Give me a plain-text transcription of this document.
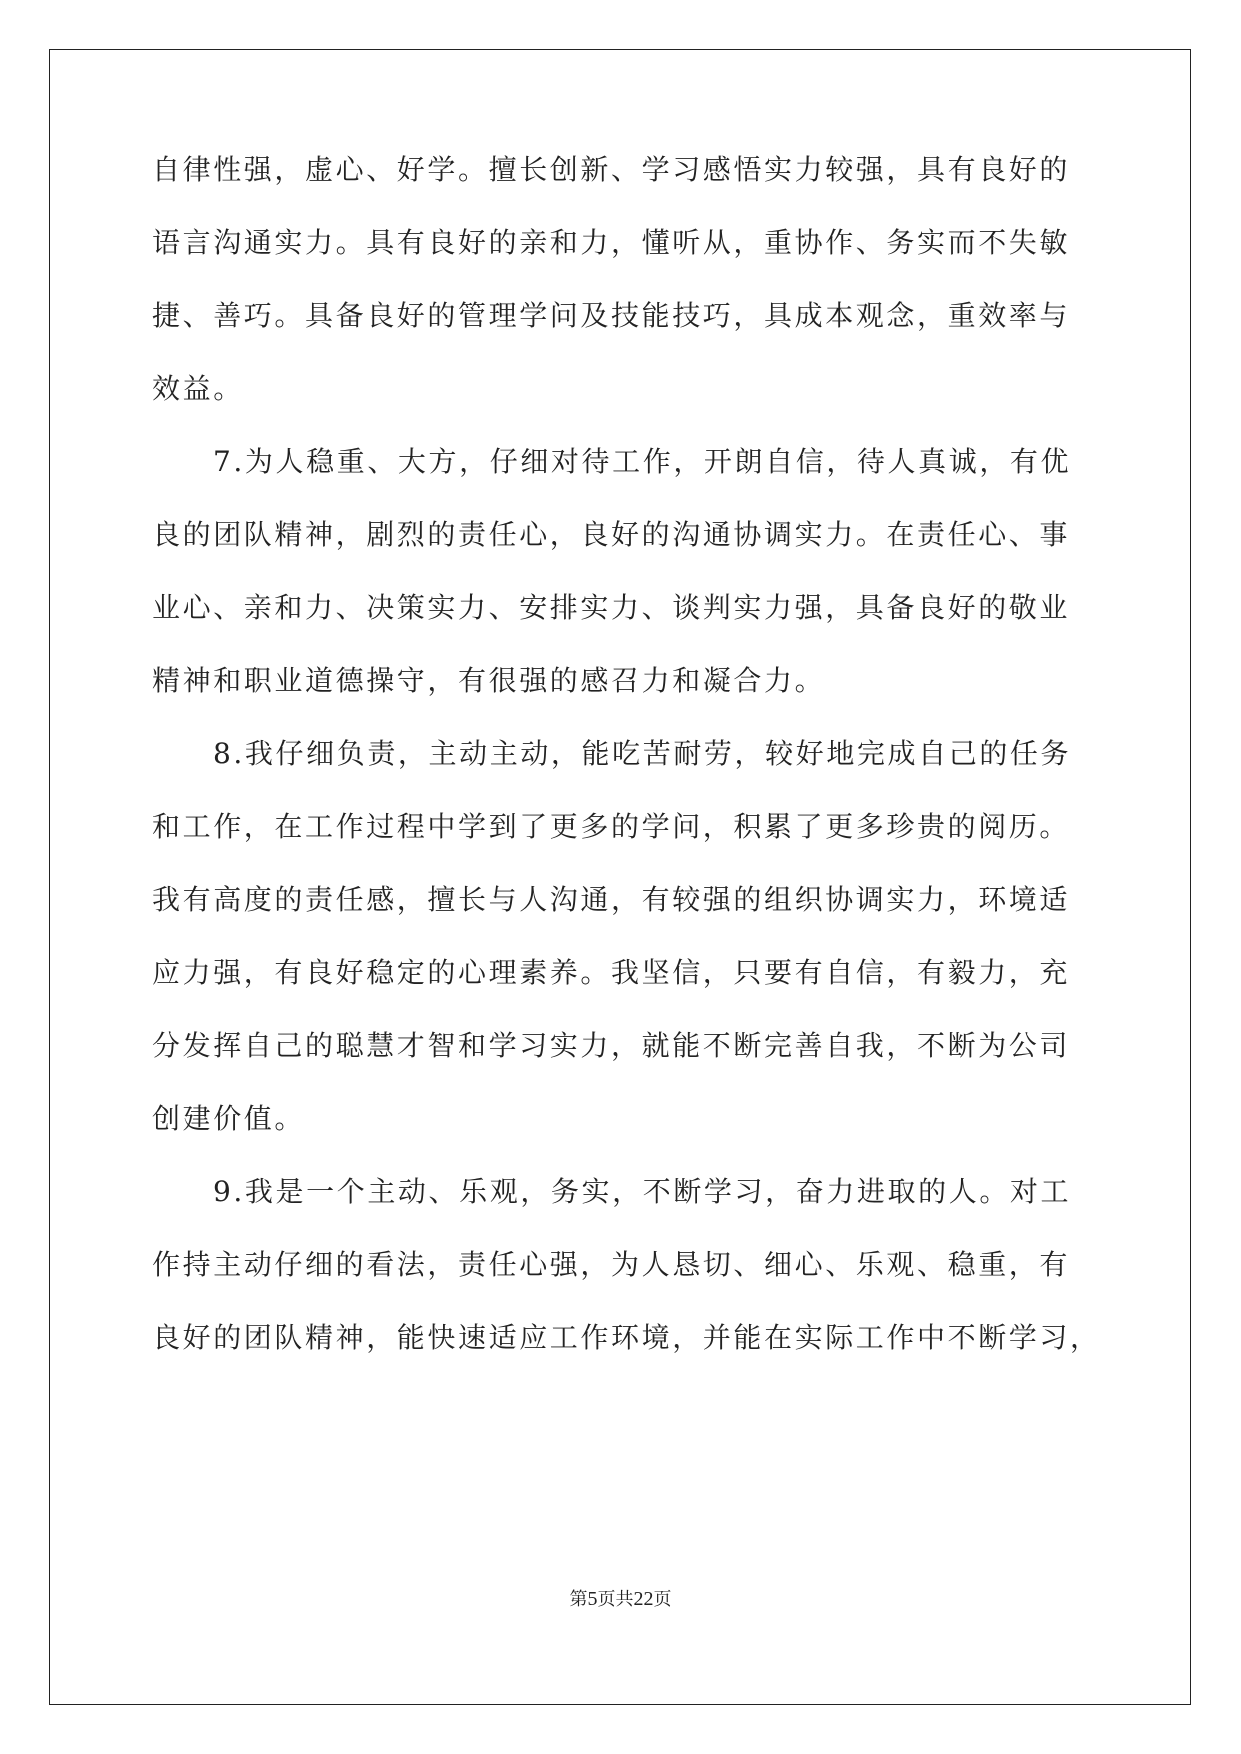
自律性强，虚心、好学。擅长创新、学习感悟实力较强，具有良好的
语言沟通实力。具有良好的亲和力，懂听从，重协作、务实而不失敏
捷、善巧。具备良好的管理学问及技能技巧，具成本观念，重效率与
效益。
7.为人稳重、大方，仔细对待工作，开朗自信，待人真诚，有优
良的团队精神，剧烈的责任心，良好的沟通协调实力。在责任心、事
业心、亲和力、决策实力、安排实力、谈判实力强，具备良好的敬业
精神和职业道德操守，有很强的感召力和凝合力。
8.我仔细负责，主动主动，能吃苦耐劳，较好地完成自己的任务
和工作，在工作过程中学到了更多的学问，积累了更多珍贵的阅历。
我有高度的责任感，擅长与人沟通，有较强的组织协调实力，环境适
应力强，有良好稳定的心理素养。我坚信，只要有自信，有毅力，充
分发挥自己的聪慧才智和学习实力，就能不断完善自我，不断为公司
创建价值。
9.我是一个主动、乐观，务实，不断学习，奋力进取的人。对工
作持主动仔细的看法，责任心强，为人恳切、细心、乐观、稳重，有
良好的团队精神，能快速适应工作环境，并能在实际工作中不断学习，
第5页共22页
